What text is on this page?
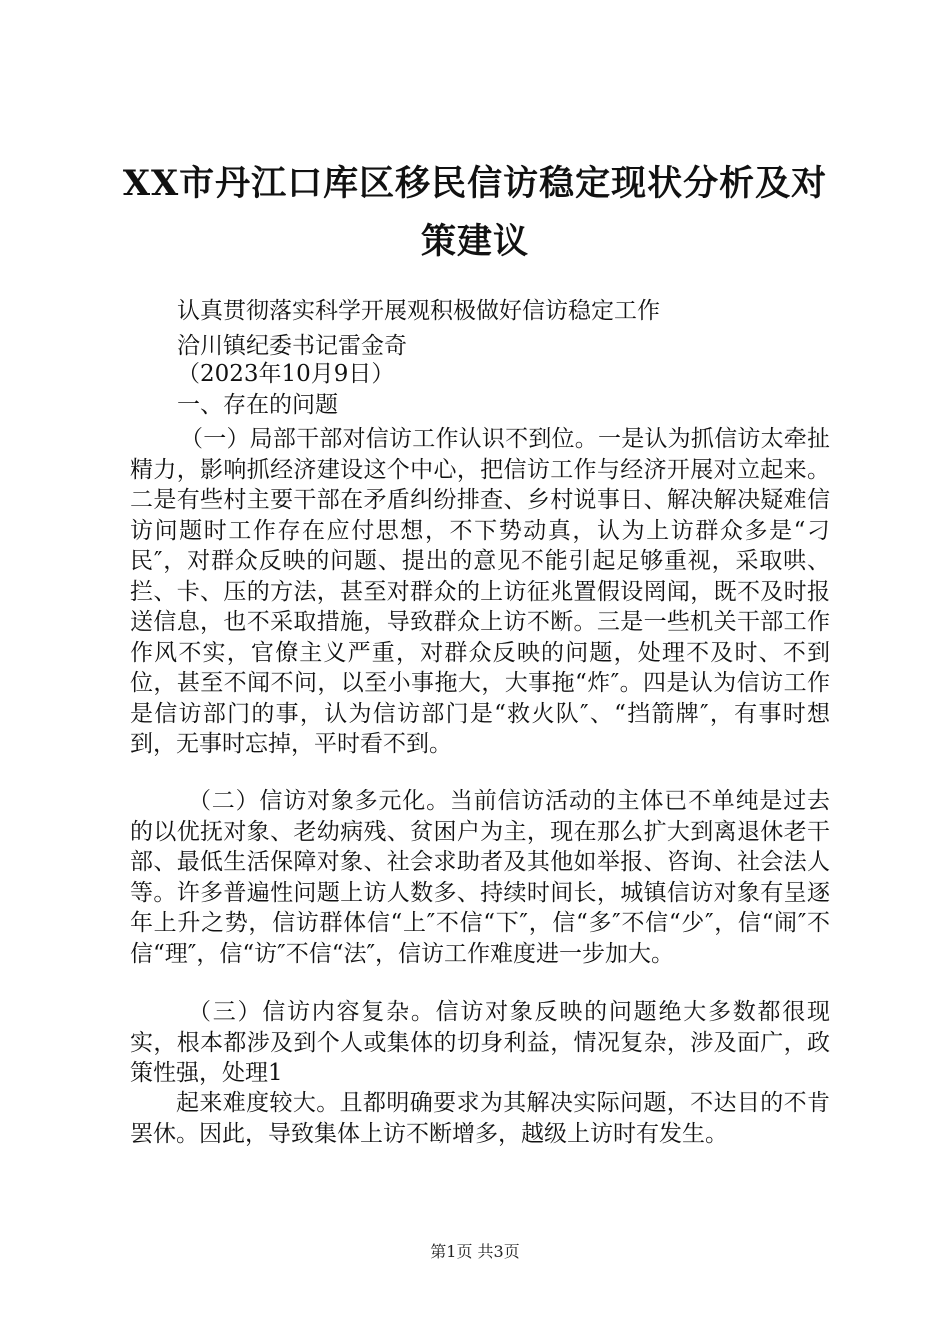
XX市丹江口库区移民信访稳定现状分析及对
策建议
认真贯彻落实科学开展观积极做好信访稳定工作
洽川镇纪委书记雷金奇
（2023年10月9日）
一、存在的问题

（一）局部干部对信访工作认识不到位。一是认为抓信访太牵扯精力，影响抓经济建设这个中心，把信访工作与经济开展对立起来。二是有些村主要干部在矛盾纠纷排查、乡村说事日、解决解决疑难信访问题时工作存在应付思想，不下势动真，认为上访群众多是“刁民″，对群众反映的问题、提出的意见不能引起足够重视，采取哄、拦、卡、压的方法，甚至对群众的上访征兆置假设罔闻，既不及时报送信息，也不采取措施，导致群众上访不断。三是一些机关干部工作作风不实，官僚主义严重，对群众反映的问题，处理不及时、不到位，甚至不闻不问，以至小事拖大，大事拖“炸″。四是认为信访工作是信访部门的事，认为信访部门是“救火队″、“挡箭牌″，有事时想到，无事时忘掉，平时看不到。

（二）信访对象多元化。当前信访活动的主体已不单纯是过去的以优抚对象、老幼病残、贫困户为主，现在那么扩大到离退休老干部、最低生活保障对象、社会求助者及其他如举报、咨询、社会法人等。许多普遍性问题上访人数多、持续时间长，城镇信访对象有呈逐年上升之势，信访群体信“上″不信“下″，信“多″不信“少″，信“闹″不信“理″，信“访″不信“法″，信访工作难度进一步加大。

（三）信访内容复杂。信访对象反映的问题绝大多数都很现实，根本都涉及到个人或集体的切身利益，情况复杂，涉及面广，政策性强，处理1

起来难度较大。且都明确要求为其解决实际问题，不达目的不肯罢休。因此，导致集体上访不断增多，越级上访时有发生。

第1页 共3页
